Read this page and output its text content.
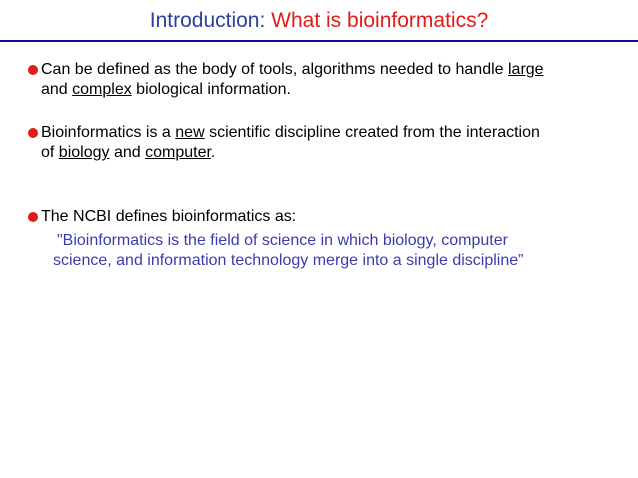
Introduction: What is bioinformatics?
Can be defined as the body of tools, algorithms needed to handle large
and complex biological information.
Bioinformatics is a new scientific discipline created from the interaction
of biology and computer.
The NCBI defines bioinformatics as:
"Bioinformatics is the field of science in which biology, computer
science, and information technology merge into a single discipline”
